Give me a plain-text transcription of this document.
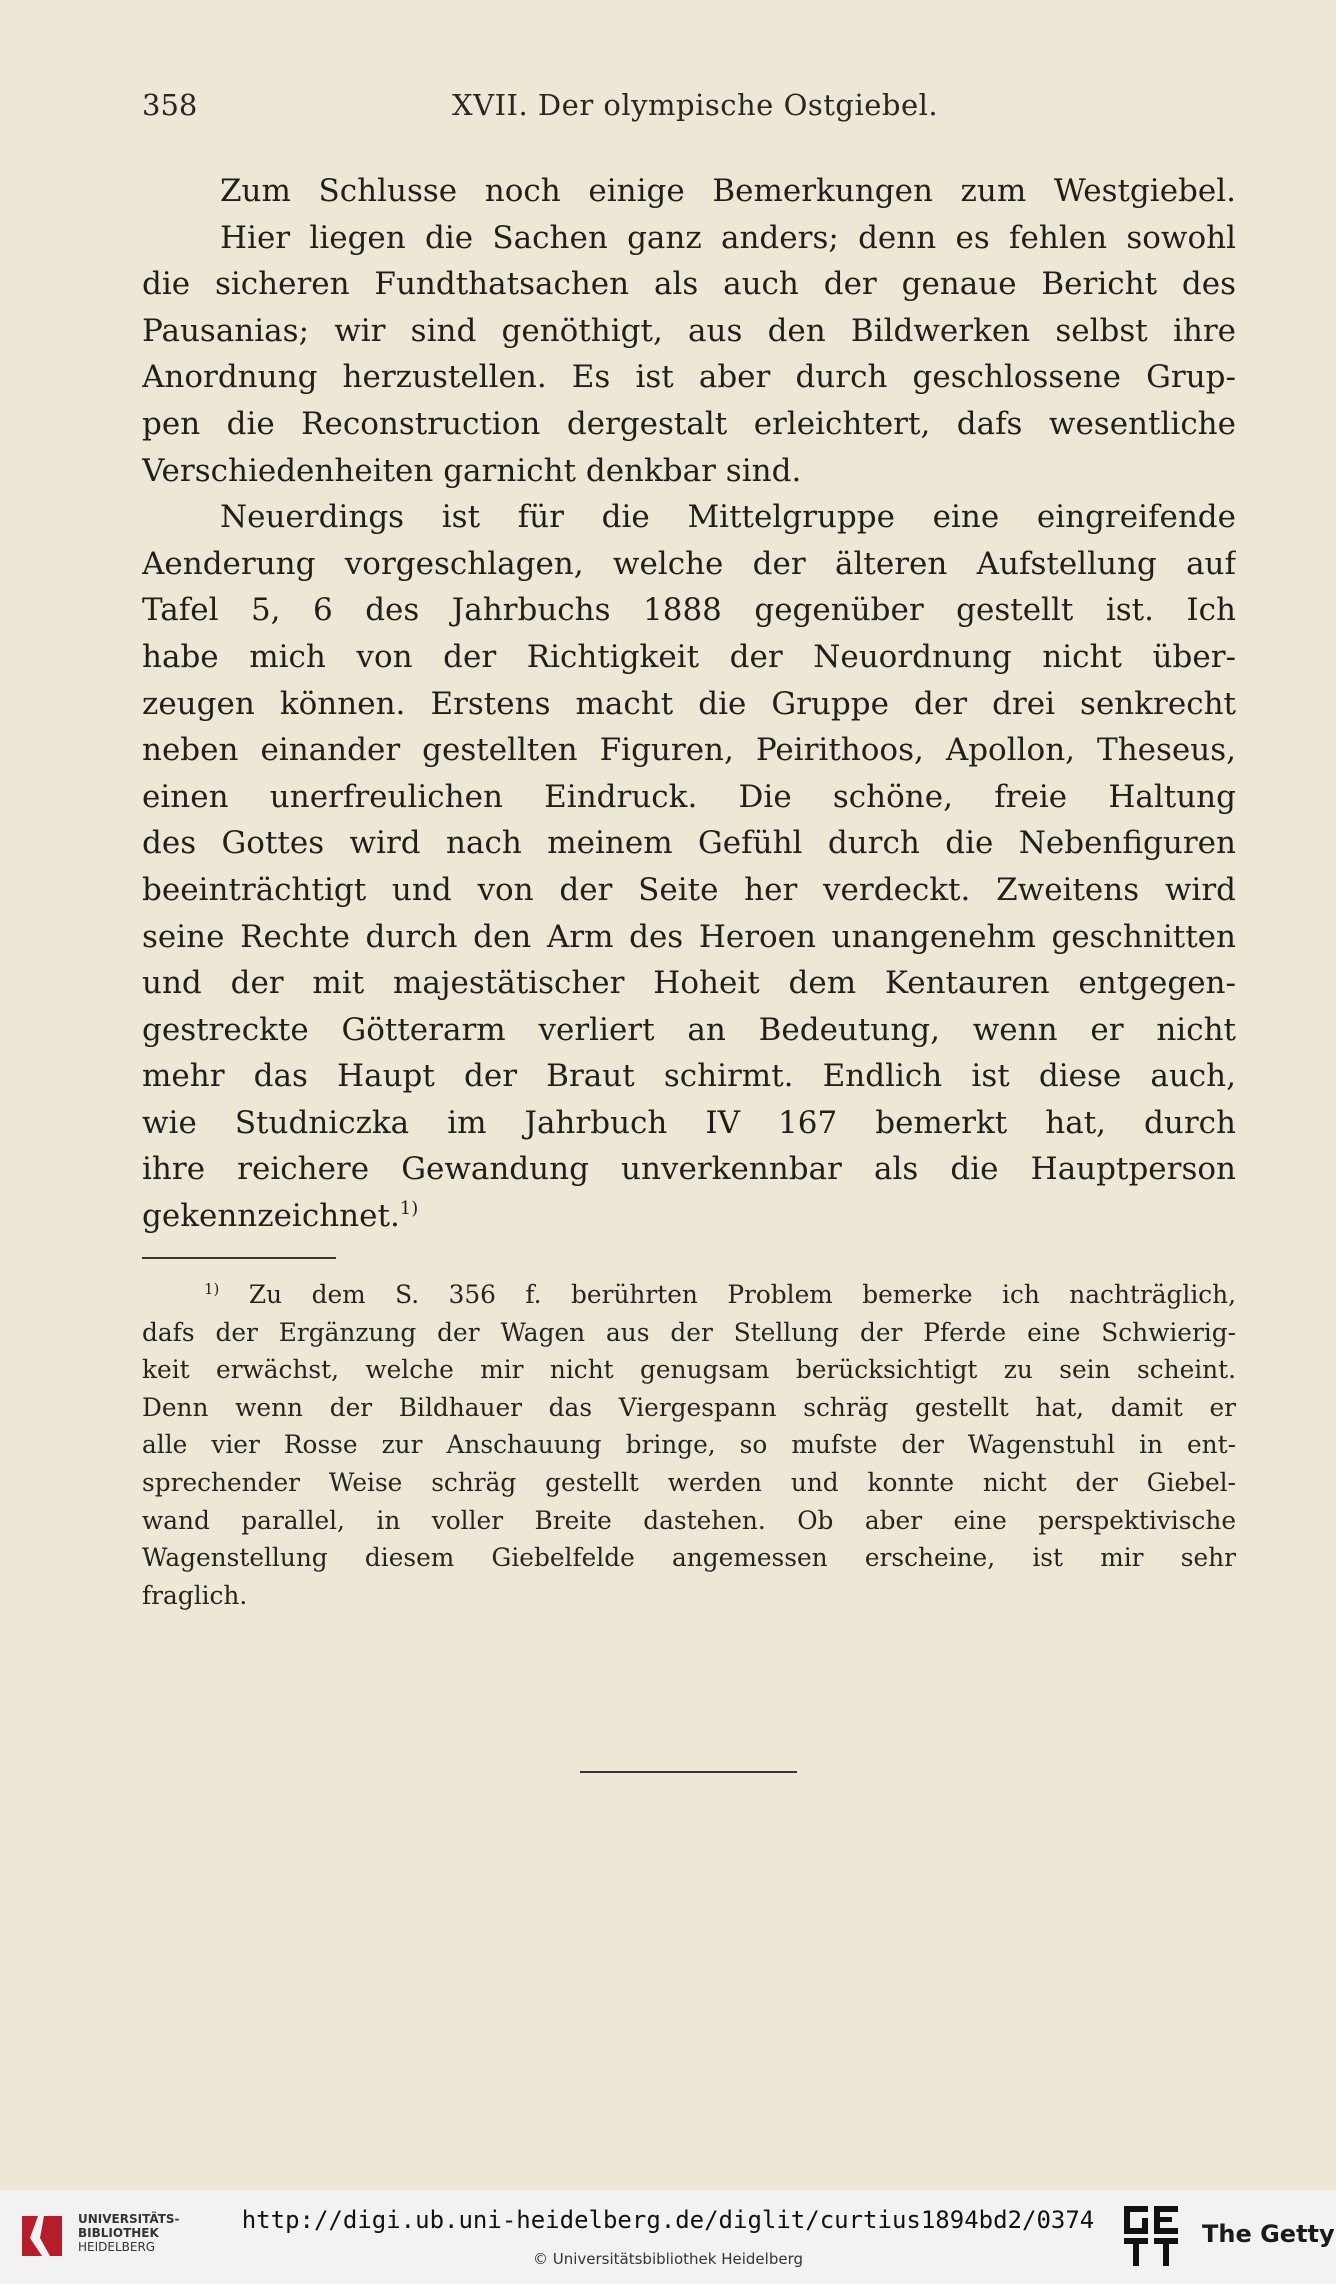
358	XVII. Der olympische Ostgiebel.
Zum Schlusse noch einige Bemerkungen zum Westgiebel.
Hier liegen die Sachen ganz anders; denn es fehlen sowohl
die sicheren Fundthatsachen als auch der genaue Bericht des
Pausanias; wir sind genöthigt, aus den Bildwerken selbst ihre
Anordnung herzustellen. Es ist aber durch geschlossene Grup-
pen die Reconstruction dergestalt erleichtert, dafs wesentliche
Verschiedenheiten garnicht denkbar sind.
Neuerdings ist für die Mittelgruppe eine eingreifende
Aenderung vorgeschlagen, welche der älteren Aufstellung auf
Tafel 5, 6 des Jahrbuchs 1888 gegenüber gestellt ist. Ich
habe mich von der Richtigkeit der Neuordnung nicht über-
zeugen können. Erstens macht die Gruppe der drei senkrecht
neben einander gestellten Figuren, Peirithoos, Apollon, Theseus,
einen unerfreulichen Eindruck. Die schöne, freie Haltung
des Gottes wird nach meinem Gefühl durch die Nebenfiguren
beeinträchtigt und von der Seite her verdeckt. Zweitens wird
seine Rechte durch den Arm des Heroen unangenehm geschnitten
und der mit majestätischer Hoheit dem Kentauren entgegen-
gestreckte Götterarm verliert an Bedeutung, wenn er nicht
mehr das Haupt der Braut schirmt. Endlich ist diese auch,
wie Studniczka im Jahrbuch IV 167 bemerkt hat, durch
ihre reichere Gewandung unverkennbar als die Hauptperson
gekennzeichnet.$^{1)}$
$^{1)}$ Zu dem S. 356 f. berührten Problem bemerke ich nachträglich,
dafs der Ergänzung der Wagen aus der Stellung der Pferde eine Schwierig-
keit erwächst, welche mir nicht genugsam berücksichtigt zu sein scheint.
Denn wenn der Bildhauer das Viergespann schräg gestellt hat, damit er
alle vier Rosse zur Anschauung bringe, so mufste der Wagenstuhl in ent-
sprechender Weise schräg gestellt werden und konnte nicht der Giebel-
wand parallel, in voller Breite dastehen. Ob aber eine perspektivische
Wagenstellung diesem Giebelfelde angemessen erscheine, ist mir sehr
fraglich.
UNIVERSITÄTS-
BIBLIOTHEK
HEIDELBERG
http://digi.ub.uni-heidelberg.de/diglit/curtius1894bd2/0374
© Universitätsbibliothek Heidelberg
The Getty
